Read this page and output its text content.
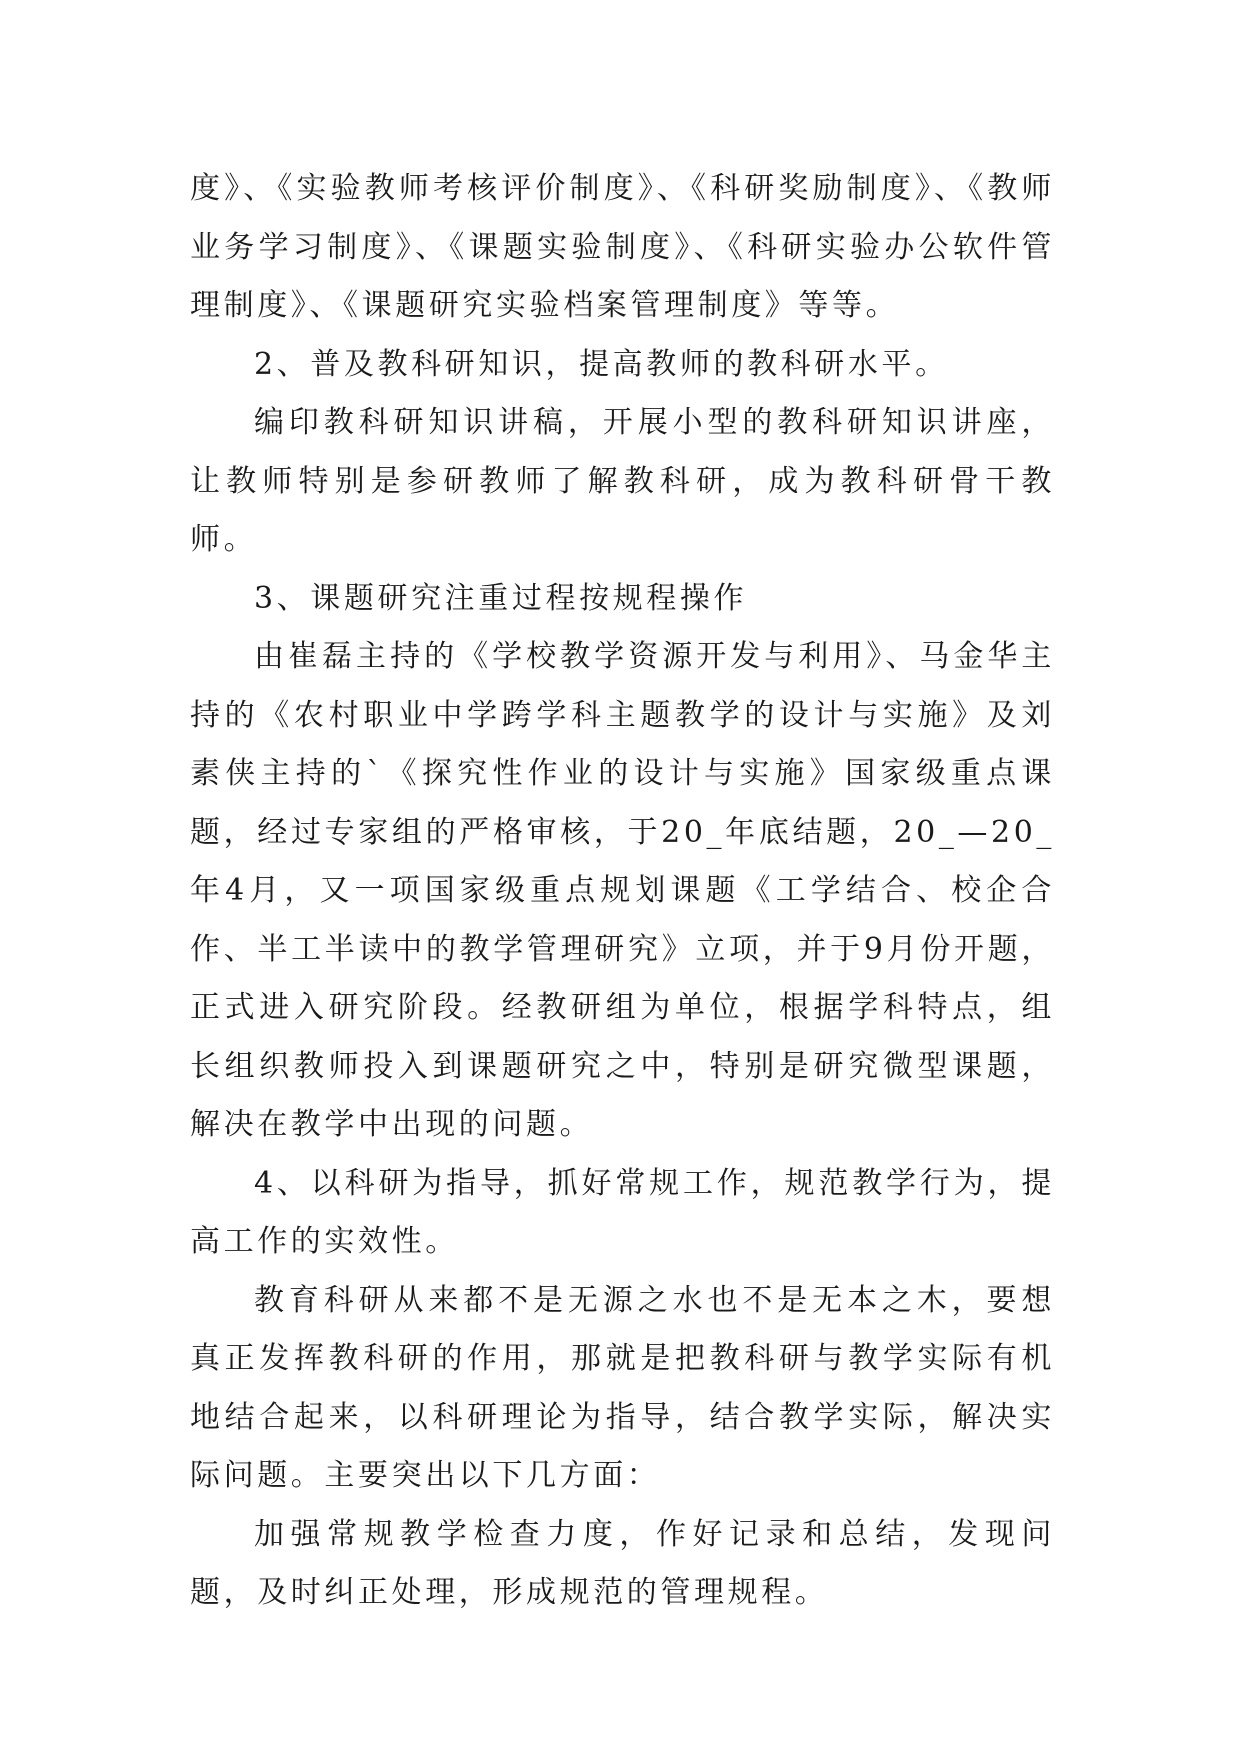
度》、《实验教师考核评价制度》、《科研奖励制度》、《教师业务学习制度》、《课题实验制度》、《科研实验办公软件管理制度》、《课题研究实验档案管理制度》等等。

2、普及教科研知识，提高教师的教科研水平。

编印教科研知识讲稿，开展小型的教科研知识讲座，让教师特别是参研教师了解教科研，成为教科研骨干教师。

3、课题研究注重过程按规程操作

由崔磊主持的《学校教学资源开发与利用》、马金华主持的《农村职业中学跨学科主题教学的设计与实施》及刘素侠主持的`《探究性作业的设计与实施》国家级重点课题，经过专家组的严格审核，于20_年底结题，20_—20_年4月，又一项国家级重点规划课题《工学结合、校企合作、半工半读中的教学管理研究》立项，并于9月份开题，正式进入研究阶段。经教研组为单位，根据学科特点，组长组织教师投入到课题研究之中，特别是研究微型课题，解决在教学中出现的问题。

4、以科研为指导，抓好常规工作，规范教学行为，提高工作的实效性。

教育科研从来都不是无源之水也不是无本之木，要想真正发挥教科研的作用，那就是把教科研与教学实际有机地结合起来，以科研理论为指导，结合教学实际，解决实际问题。主要突出以下几方面：

加强常规教学检查力度，作好记录和总结，发现问题，及时纠正处理，形成规范的管理规程。
